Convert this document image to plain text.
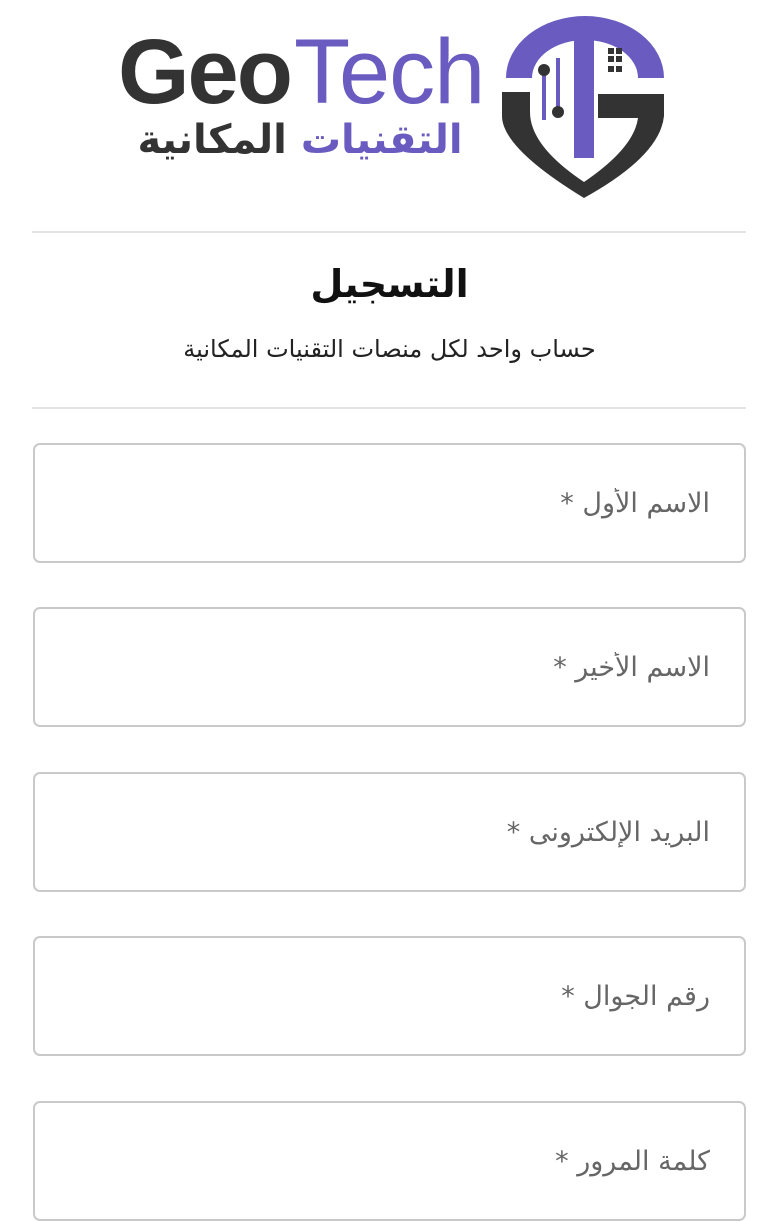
Geo Tech
التقنيات المكانية
التسجيل
حساب واحد لكل منصات التقنيات المكانية
الاسم الأول *
الاسم الأخير *
البريد الإلكترونى *
رقم الجوال *
